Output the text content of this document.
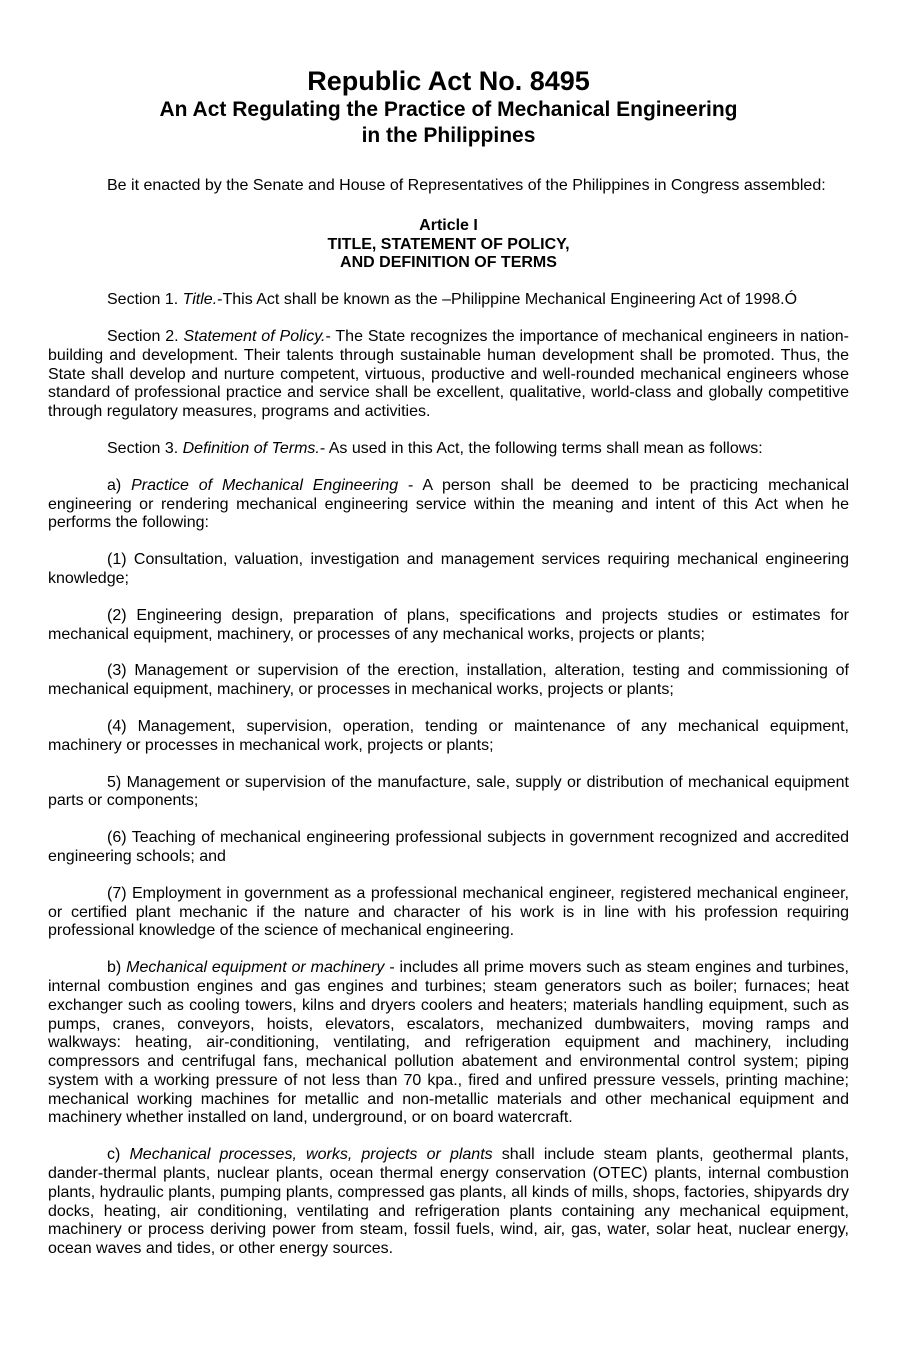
Republic Act No. 8495
An Act Regulating the Practice of Mechanical Engineering
in the Philippines

Be it enacted by the Senate and House of Representatives of the Philippines in Congress assembled:

Article I
TITLE, STATEMENT OF POLICY,
AND DEFINITION OF TERMS

Section 1. Title.-This Act shall be known as the –Philippine Mechanical Engineering Act of 1998.Ó

Section 2. Statement of Policy.- The State recognizes the importance of mechanical engineers in nation- building and development. Their talents through sustainable human development shall be promoted. Thus, the State shall develop and nurture competent, virtuous, productive and well-rounded mechanical engineers whose standard of professional practice and service shall be excellent, qualitative, world-class and globally competitive through regulatory measures, programs and activities.

Section 3. Definition of Terms.- As used in this Act, the following terms shall mean as follows:

a) Practice of Mechanical Engineering - A person shall be deemed to be practicing mechanical engineering or rendering mechanical engineering service within the meaning and intent of this Act when he performs the following:

(1) Consultation, valuation, investigation and management services requiring mechanical engineering knowledge;

(2) Engineering design, preparation of plans, specifications and projects studies or estimates for mechanical equipment, machinery, or processes of any mechanical works, projects or plants;

(3) Management or supervision of the erection, installation, alteration, testing and commissioning of mechanical equipment, machinery, or processes in mechanical works, projects or plants;

(4) Management, supervision, operation, tending or maintenance of any mechanical equipment, machinery or processes in mechanical work, projects or plants;

5) Management or supervision of the manufacture, sale, supply or distribution of mechanical equipment parts or components;

(6) Teaching of mechanical engineering professional subjects in government recognized and accredited engineering schools; and

(7) Employment in government as a professional mechanical engineer, registered mechanical engineer, or certified plant mechanic if the nature and character of his work is in line with his profession requiring professional knowledge of the science of mechanical engineering.

b) Mechanical equipment or machinery - includes all prime movers such as steam engines and turbines, internal combustion engines and gas engines and turbines; steam generators such as boiler; furnaces; heat exchanger such as cooling towers, kilns and dryers coolers and heaters; materials handling equipment, such as pumps, cranes, conveyors, hoists, elevators, escalators, mechanized dumbwaiters, moving ramps and walkways: heating, air-conditioning, ventilating, and refrigeration equipment and machinery, including compressors and centrifugal fans, mechanical pollution abatement and environmental control system; piping system with a working pressure of not less than 70 kpa., fired and unfired pressure vessels, printing machine; mechanical working machines for metallic and non-metallic materials and other mechanical equipment and machinery whether installed on land, underground, or on board watercraft.

c) Mechanical processes, works, projects or plants shall include steam plants, geothermal plants, dander-thermal plants, nuclear plants, ocean thermal energy conservation (OTEC) plants, internal combustion plants, hydraulic plants, pumping plants, compressed gas plants, all kinds of mills, shops, factories, shipyards dry docks, heating, air conditioning, ventilating and refrigeration plants containing any mechanical equipment, machinery or process deriving power from steam, fossil fuels, wind, air, gas, water, solar heat, nuclear energy, ocean waves and tides, or other energy sources.
